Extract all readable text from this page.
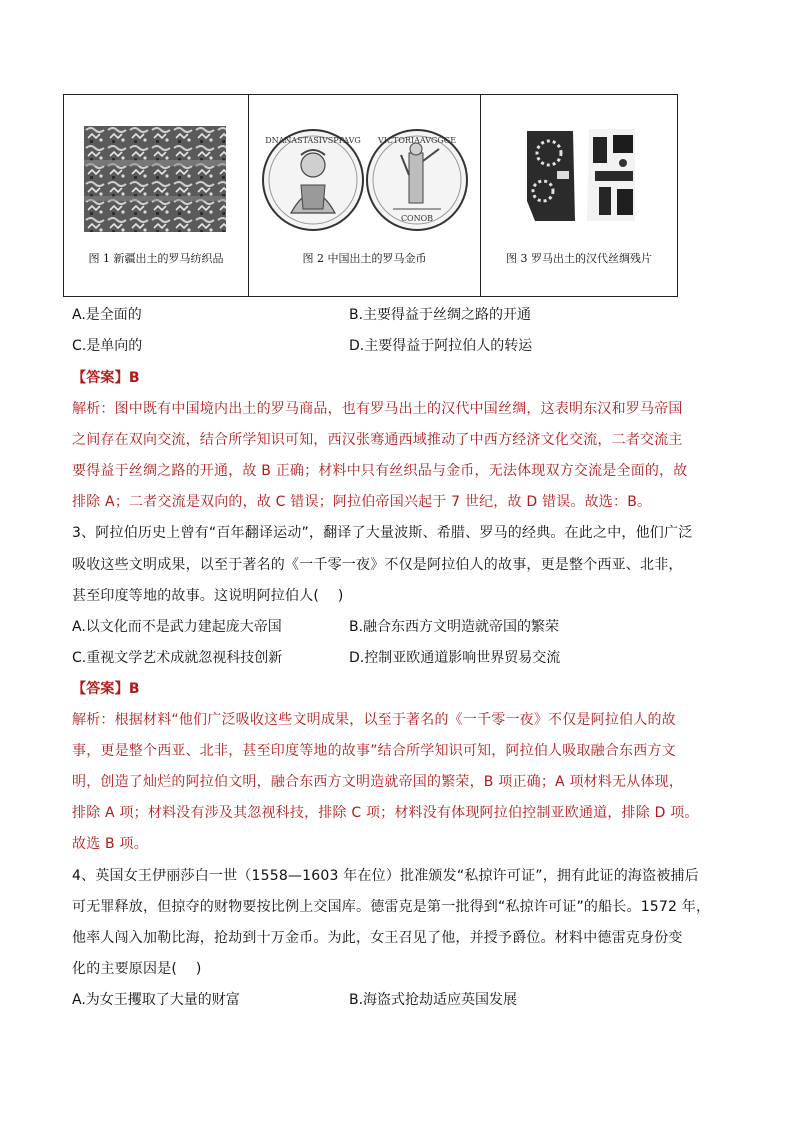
图 1 新疆出土的罗马纺织品
DNANASTASIVSPPAVG VICTORIAAVGGGE
CONOB
图 2 中国出土的罗马金币	图 3 罗马出土的汉代丝绸残片
A.是全面的	B.主要得益于丝绸之路的开通
C.是单向的	D.主要得益于阿拉伯人的转运
【答案】B
解析：图中既有中国境内出土的罗马商品，也有罗马出土的汉代中国丝绸，这表明东汉和罗马帝国
之间存在双向交流，结合所学知识可知，西汉张骞通西域推动了中西方经济文化交流，二者交流主
要得益于丝绸之路的开通，故 B 正确；材料中只有丝织品与金币，无法体现双方交流是全面的，故
排除 A；二者交流是双向的，故 C 错误；阿拉伯帝国兴起于 7 世纪，故 D 错误。故选：B。
3、阿拉伯历史上曾有“百年翻译运动”，翻译了大量波斯、希腊、罗马的经典。在此之中，他们广泛
吸收这些文明成果，以至于著名的《一千零一夜》不仅是阿拉伯人的故事，更是整个西亚、北非，
甚至印度等地的故事。这说明阿拉伯人(　 )
A.以文化而不是武力建起庞大帝国	B.融合东西方文明造就帝国的繁荣
C.重视文学艺术成就忽视科技创新	D.控制亚欧通道影响世界贸易交流
【答案】B
解析：根据材料“他们广泛吸收这些文明成果，以至于著名的《一千零一夜》不仅是阿拉伯人的故
事，更是整个西亚、北非，甚至印度等地的故事”结合所学知识可知，阿拉伯人吸取融合东西方文
明，创造了灿烂的阿拉伯文明，融合东西方文明造就帝国的繁荣，B 项正确；A 项材料无从体现，
排除 A 项；材料没有涉及其忽视科技，排除 C 项；材料没有体现阿拉伯控制亚欧通道，排除 D 项。
故选 B 项。
4、英国女王伊丽莎白一世（1558—1603 年在位）批准颁发“私掠许可证”，拥有此证的海盗被捕后
可无罪释放，但掠夺的财物要按比例上交国库。德雷克是第一批得到“私掠许可证”的船长。1572 年，
他率人闯入加勒比海，抢劫到十万金币。为此，女王召见了他，并授予爵位。材料中德雷克身份变
化的主要原因是(　 )
A.为女王攫取了大量的财富	B.海盗式抢劫适应英国发展
